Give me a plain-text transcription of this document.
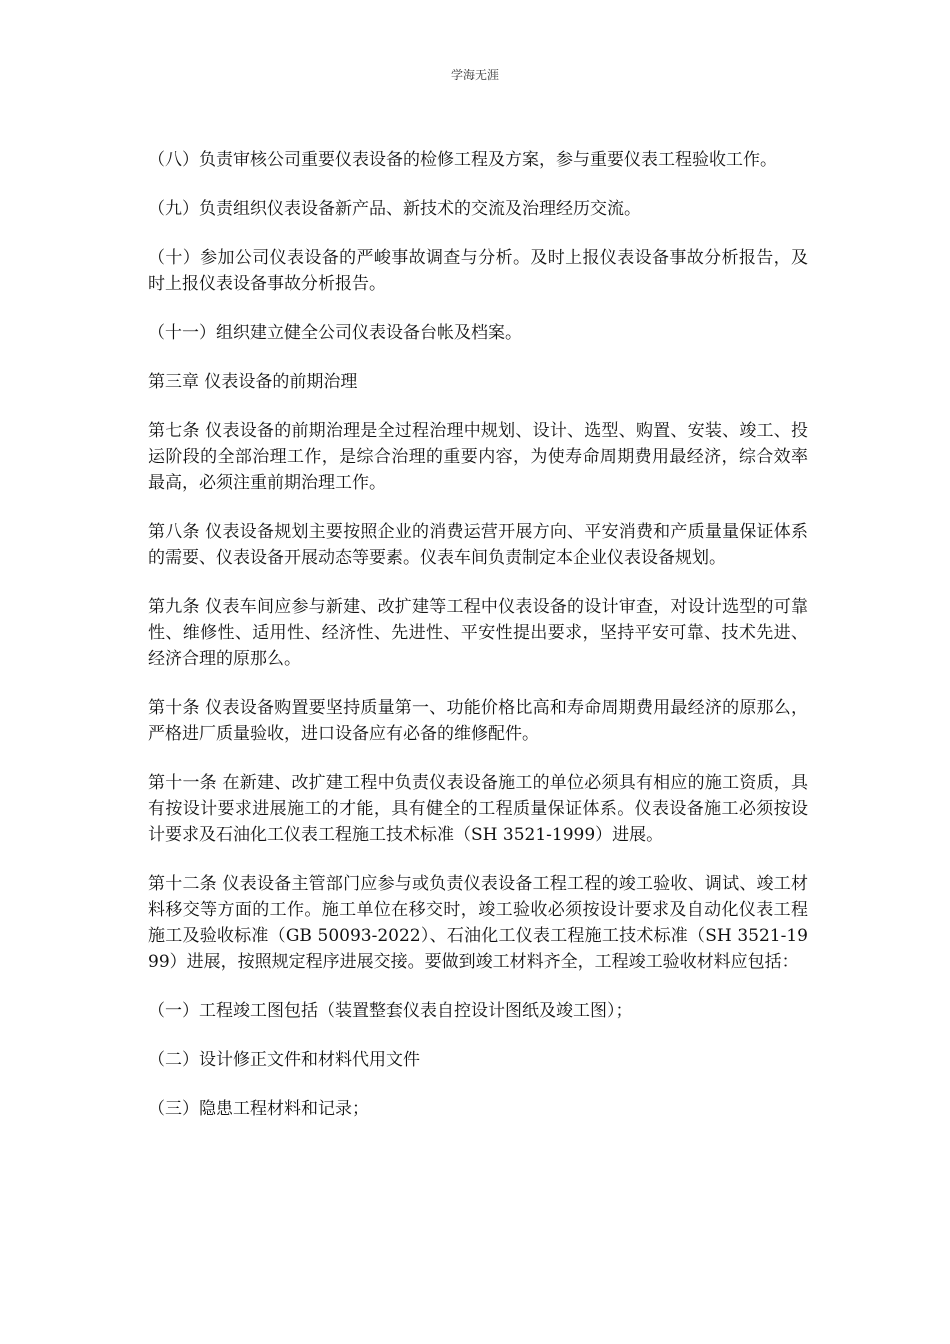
学海无涯

（八）负责审核公司重要仪表设备的检修工程及方案，参与重要仪表工程验收工作。

（九）负责组织仪表设备新产品、新技术的交流及治理经历交流。

（十）参加公司仪表设备的严峻事故调查与分析。及时上报仪表设备事故分析报告，及时上报仪表设备事故分析报告。

（十一）组织建立健全公司仪表设备台帐及档案。

第三章 仪表设备的前期治理

第七条 仪表设备的前期治理是全过程治理中规划、设计、选型、购置、安装、竣工、投运阶段的全部治理工作，是综合治理的重要内容，为使寿命周期费用最经济，综合效率最高，必须注重前期治理工作。

第八条 仪表设备规划主要按照企业的消费运营开展方向、平安消费和产质量量保证体系的需要、仪表设备开展动态等要素。仪表车间负责制定本企业仪表设备规划。

第九条 仪表车间应参与新建、改扩建等工程中仪表设备的设计审查，对设计选型的可靠性、维修性、适用性、经济性、先进性、平安性提出要求，坚持平安可靠、技术先进、经济合理的原那么。

第十条 仪表设备购置要坚持质量第一、功能价格比高和寿命周期费用最经济的原那么，严格进厂质量验收，进口设备应有必备的维修配件。

第十一条 在新建、改扩建工程中负责仪表设备施工的单位必须具有相应的施工资质，具有按设计要求进展施工的才能，具有健全的工程质量保证体系。仪表设备施工必须按设计要求及石油化工仪表工程施工技术标准（SH 3521-1999）进展。

第十二条 仪表设备主管部门应参与或负责仪表设备工程工程的竣工验收、调试、竣工材料移交等方面的工作。施工单位在移交时，竣工验收必须按设计要求及自动化仪表工程施工及验收标准（GB 50093-2022）、石油化工仪表工程施工技术标准（SH 3521-1999）进展，按照规定程序进展交接。要做到竣工材料齐全，工程竣工验收材料应包括：

（一）工程竣工图包括（装置整套仪表自控设计图纸及竣工图）；

（二）设计修正文件和材料代用文件

（三）隐患工程材料和记录；
